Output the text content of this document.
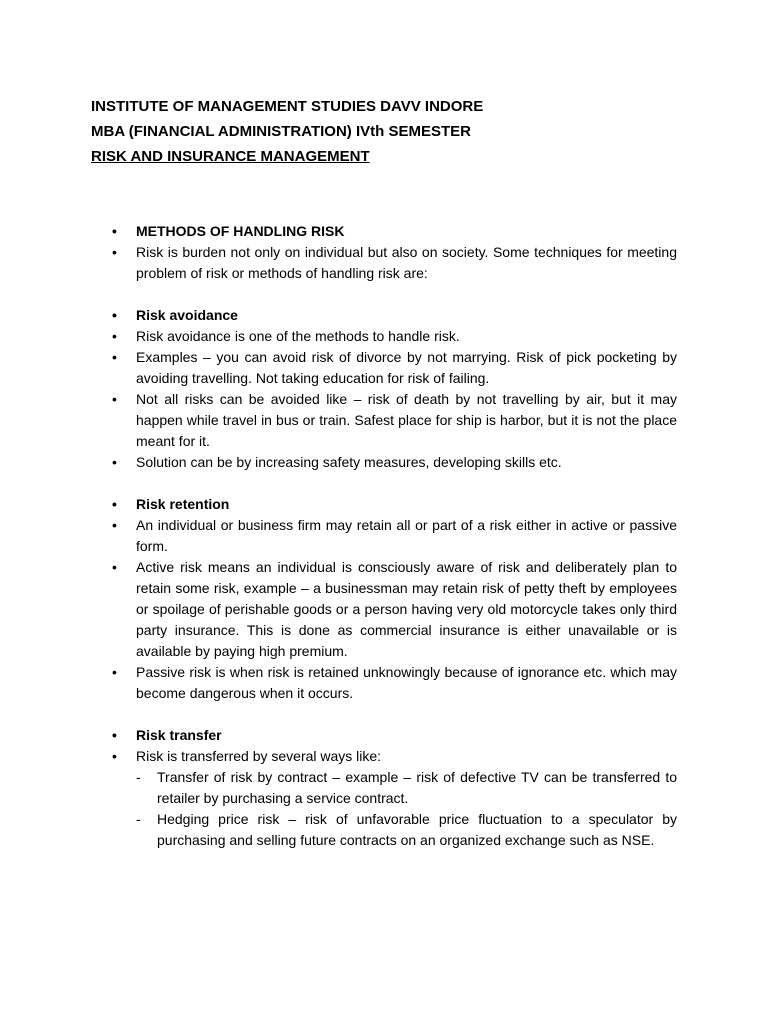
INSTITUTE OF MANAGEMENT STUDIES DAVV INDORE
MBA (FINANCIAL ADMINISTRATION) IVth SEMESTER
RISK AND INSURANCE MANAGEMENT
•	METHODS OF HANDLING RISK
•	Risk is burden not only on individual but also on society. Some techniques for meeting problem of risk or methods of handling risk are:
•	Risk avoidance
•	Risk avoidance is one of the methods to handle risk.
•	Examples – you can avoid risk of divorce by not marrying. Risk of pick pocketing by avoiding travelling. Not taking education for risk of failing.
•	Not all risks can be avoided like – risk of death by not travelling by air, but it may happen while travel in bus or train. Safest place for ship is harbor, but it is not the place meant for it.
•	Solution can be by increasing safety measures, developing skills etc.
•	Risk retention
•	An individual or business firm may retain all or part of a risk either in active or passive form.
•	Active risk means an individual is consciously aware of risk and deliberately plan to retain some risk, example – a businessman may retain risk of petty theft by employees or spoilage of perishable goods or a person having very old motorcycle takes only third party insurance. This is done as commercial insurance is either unavailable or is available by paying high premium.
•	Passive risk is when risk is retained unknowingly because of ignorance etc. which may become dangerous when it occurs.
•	Risk transfer
•	Risk is transferred by several ways like:
- Transfer of risk by contract – example – risk of defective TV can be transferred to retailer by purchasing a service contract.
- Hedging price risk – risk of unfavorable price fluctuation to a speculator by purchasing and selling future contracts on an organized exchange such as NSE.
